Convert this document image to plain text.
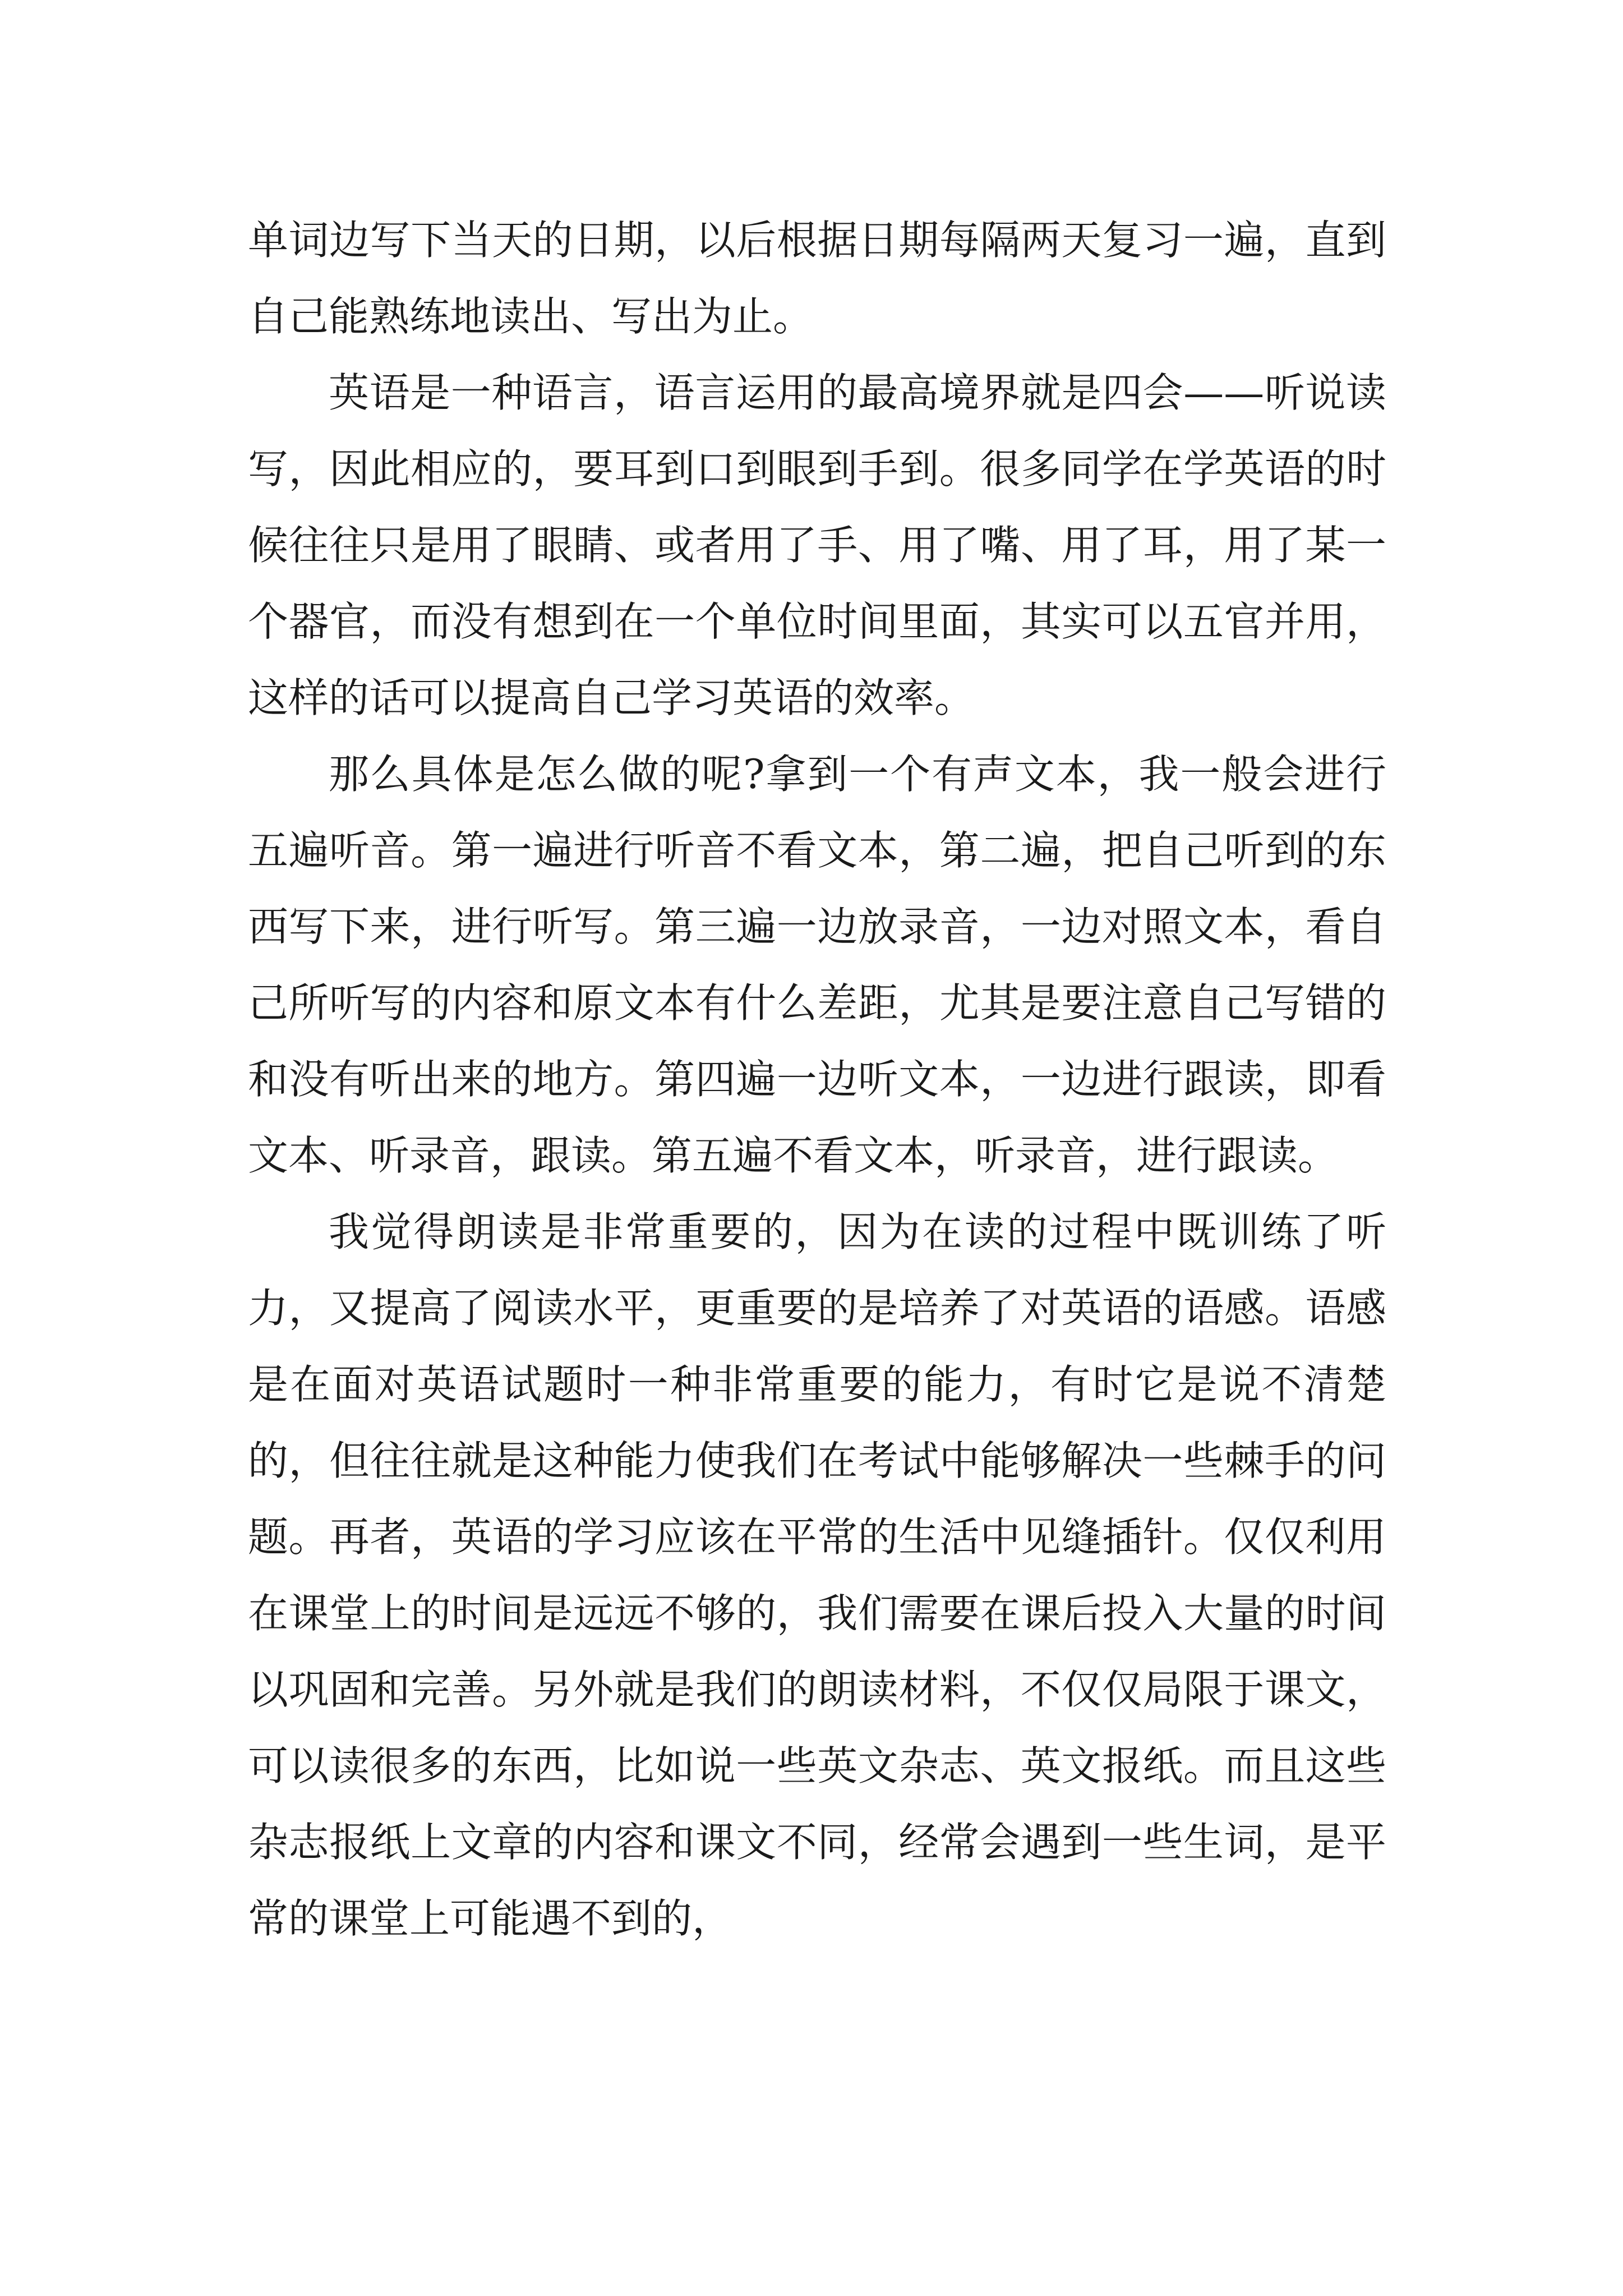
单词边写下当天的日期，以后根据日期每隔两天复习一遍，直到自己能熟练地读出、写出为止。

英语是一种语言，语言运用的最高境界就是四会——听说读写，因此相应的，要耳到口到眼到手到。很多同学在学英语的时候往往只是用了眼睛、或者用了手、用了嘴、用了耳，用了某一个器官，而没有想到在一个单位时间里面，其实可以五官并用，这样的话可以提高自己学习英语的效率。

那么具体是怎么做的呢?拿到一个有声文本，我一般会进行五遍听音。第一遍进行听音不看文本，第二遍，把自己听到的东西写下来，进行听写。第三遍一边放录音，一边对照文本，看自己所听写的内容和原文本有什么差距，尤其是要注意自己写错的和没有听出来的地方。第四遍一边听文本，一边进行跟读，即看文本、听录音，跟读。第五遍不看文本，听录音，进行跟读。

我觉得朗读是非常重要的，因为在读的过程中既训练了听力，又提高了阅读水平，更重要的是培养了对英语的语感。语感是在面对英语试题时一种非常重要的能力，有时它是说不清楚的，但往往就是这种能力使我们在考试中能够解决一些棘手的问题。再者，英语的学习应该在平常的生活中见缝插针。仅仅利用在课堂上的时间是远远不够的，我们需要在课后投入大量的时间以巩固和完善。另外就是我们的朗读材料，不仅仅局限于课文，可以读很多的东西，比如说一些英文杂志、英文报纸。而且这些杂志报纸上文章的内容和课文不同，经常会遇到一些生词，是平常的课堂上可能遇不到的，
